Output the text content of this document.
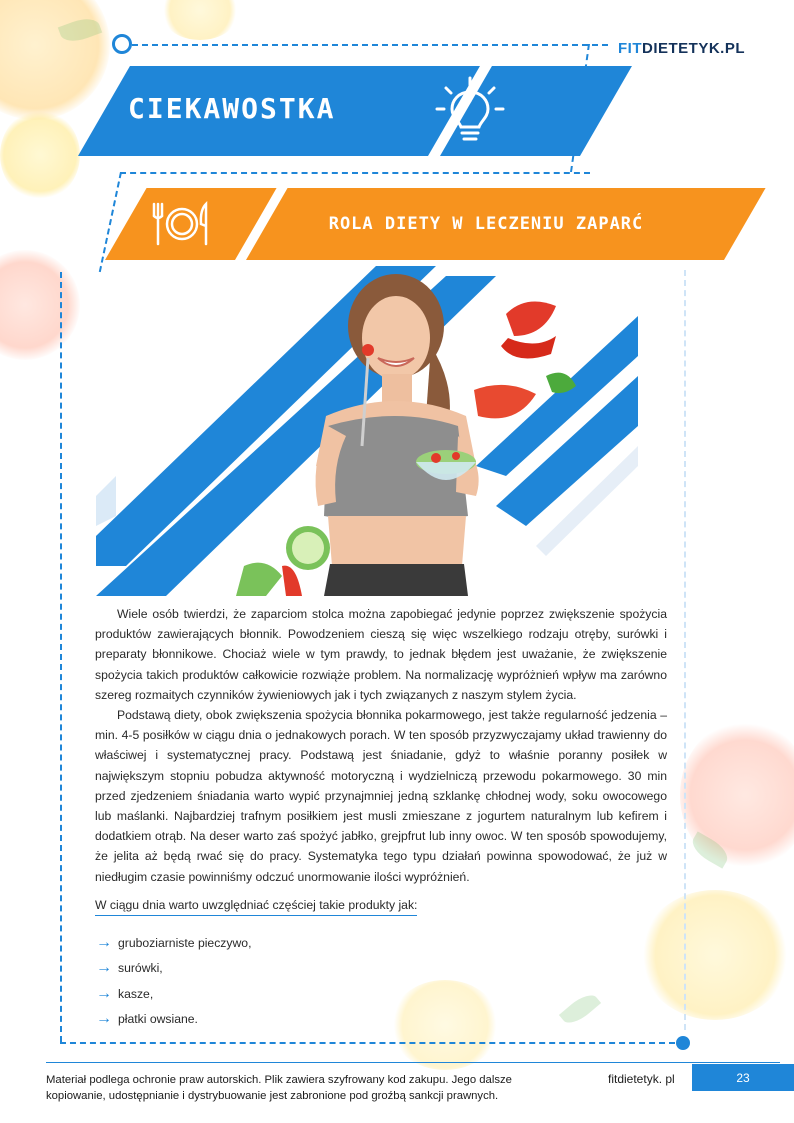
FITDIETETYK.PL
CIEKAWOSTKA
ROLA DIETY W LECZENIU ZAPARĆ

Wiele osób twierdzi, że zaparciom stolca można zapobiegać jedynie poprzez zwiększenie spożycia produktów zawierających błonnik. Powodzeniem cieszą się więc wszelkiego rodzaju otręby, surówki i preparaty błonnikowe. Chociaż wiele w tym prawdy, to jednak błędem jest uważanie, że zwiększenie spożycia takich produktów całkowicie rozwiąże problem. Na normalizację wypróżnień wpływ ma zarówno szereg rozmaitych czynników żywieniowych jak i tych związanych z naszym stylem życia.

Podstawą diety, obok zwiększenia spożycia błonnika pokarmowego, jest także regularność jedzenia – min. 4-5 posiłków w ciągu dnia o jednakowych porach. W ten sposób przyzwyczajamy układ trawienny do właściwej i systematycznej pracy. Podstawą jest śniadanie, gdyż to właśnie poranny posiłek w największym stopniu pobudza aktywność motoryczną i wydzielniczą przewodu pokarmowego. 30 min przed zjedzeniem śniadania warto wypić przynajmniej jedną szklankę chłodnej wody, soku owocowego lub maślanki. Najbardziej trafnym posiłkiem jest musli zmieszane z jogurtem naturalnym lub kefirem i dodatkiem otrąb. Na deser warto zaś spożyć jabłko, grejpfrut lub inny owoc. W ten sposób spowodujemy, że jelita aż będą rwać się do pracy. Systematyka tego typu działań powinna spowodować, że już w niedługim czasie powinniśmy odczuć unormowanie ilości wypróżnień.

W ciągu dnia warto uwzględniać częściej takie produkty jak:
→ gruboziarniste pieczywo,
→ surówki,
→ kasze,
→ płatki owsiane.
Materiał podlega ochronie praw autorskich. Plik zawiera szyfrowany kod zakupu. Jego dalsze
kopiowanie, udostępnianie i dystrybuowanie jest zabronione pod groźbą sankcji prawnych.
fitdietetyk. pl	23
